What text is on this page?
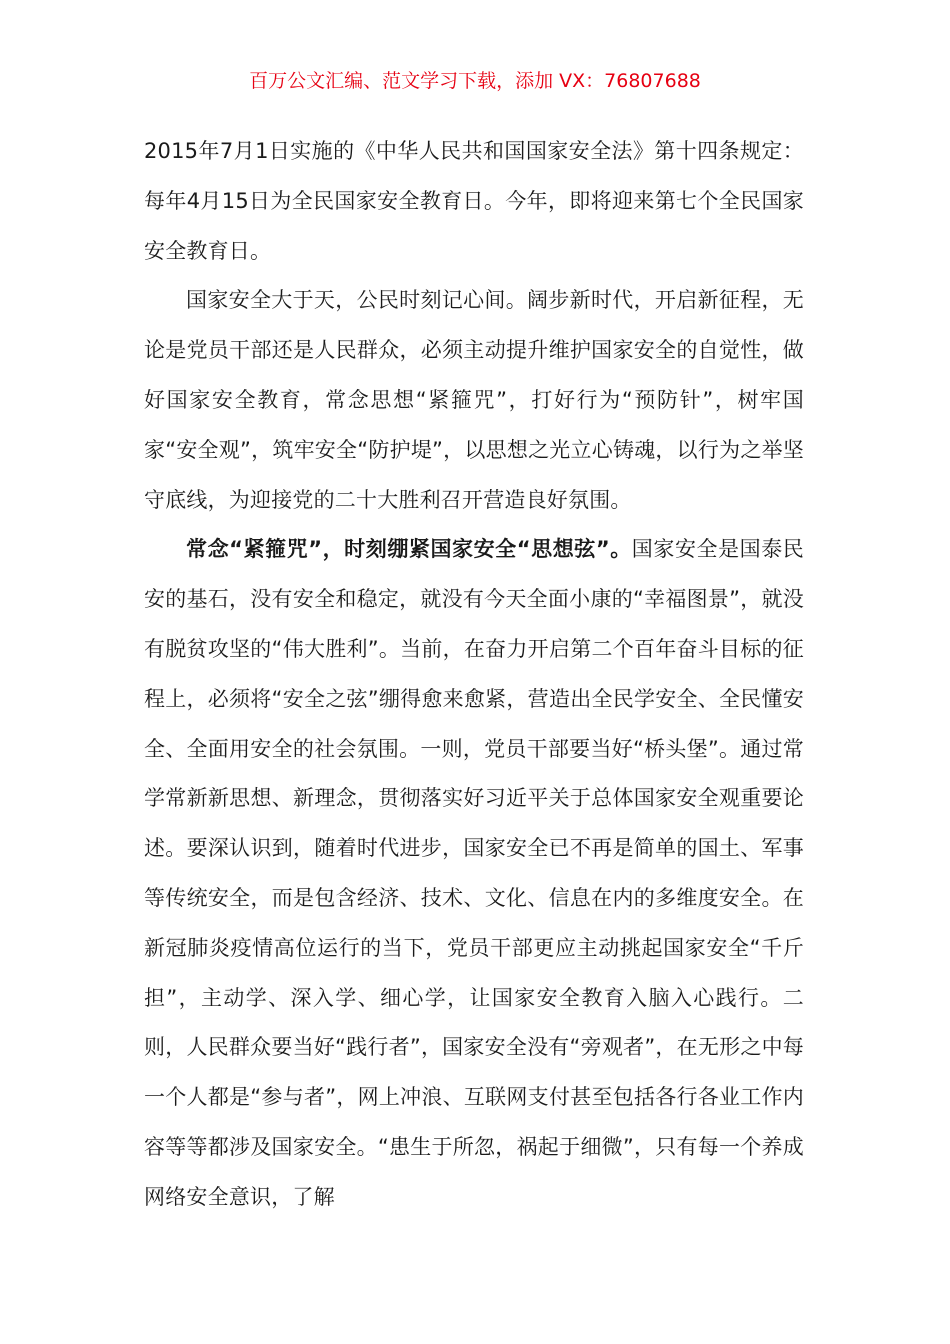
百万公文汇编、范文学习下载，添加 VX：76807688

2015年7月1日实施的《中华人民共和国国家安全法》第十四条规定：每年4月15日为全民国家安全教育日。今年，即将迎来第七个全民国家安全教育日。

国家安全大于天，公民时刻记心间。阔步新时代，开启新征程，无论是党员干部还是人民群众，必须主动提升维护国家安全的自觉性，做好国家安全教育，常念思想“紧箍咒”，打好行为“预防针”，树牢国家“安全观”，筑牢安全“防护堤”，以思想之光立心铸魂，以行为之举坚守底线，为迎接党的二十大胜利召开营造良好氛围。

常念“紧箍咒”，时刻绷紧国家安全“思想弦”。国家安全是国泰民安的基石，没有安全和稳定，就没有今天全面小康的“幸福图景”，就没有脱贫攻坚的“伟大胜利”。当前，在奋力开启第二个百年奋斗目标的征程上，必须将“安全之弦”绷得愈来愈紧，营造出全民学安全、全民懂安全、全面用安全的社会氛围。一则，党员干部要当好“桥头堡”。通过常学常新新思想、新理念，贯彻落实好习近平关于总体国家安全观重要论述。要深认识到，随着时代进步，国家安全已不再是简单的国土、军事等传统安全，而是包含经济、技术、文化、信息在内的多维度安全。在新冠肺炎疫情高位运行的当下，党员干部更应主动挑起国家安全“千斤担”，主动学、深入学、细心学，让国家安全教育入脑入心践行。二则，人民群众要当好“践行者”，国家安全没有“旁观者”，在无形之中每一个人都是“参与者”，网上冲浪、互联网支付甚至包括各行各业工作内容等等都涉及国家安全。“患生于所忽，祸起于细微”，只有每一个养成网络安全意识，了解
